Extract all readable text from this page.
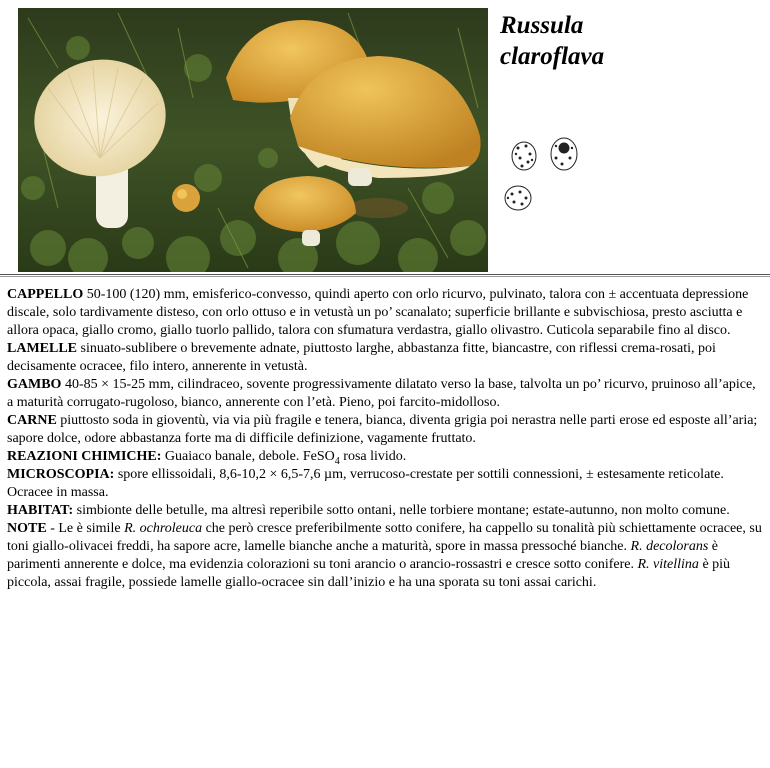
Russula
claroflava

CAPPELLO 50-100 (120) mm, emisferico-convesso, quindi aperto con orlo ricurvo, pulvinato, talora con ± accentuata depressione discale, solo tardivamente disteso, con orlo ottuso e in vetustà un po’ scanalato; superficie brillante e subvischiosa, presto asciutta e allora opaca, giallo cromo, giallo tuorlo pallido, talora con sfumatura verdastra, giallo olivastro. Cuticola separabile fino al disco.

LAMELLE sinuato-sublibere o brevemente adnate, piuttosto larghe, abbastanza fitte, biancastre, con riflessi crema-rosati, poi decisamente ocracee, filo intero, annerente in vetustà.

GAMBO 40-85 × 15-25 mm, cilindraceo, sovente progressivamente dilatato verso la base, talvolta un po’ ricurvo, pruinoso all’apice, a maturità corrugato-rugoloso, bianco, annerente con l’età. Pieno, poi farcito-midolloso.

CARNE piuttosto soda in gioventù, via via più fragile e tenera, bianca, diventa grigia poi nerastra nelle parti erose ed esposte all’aria; sapore dolce, odore abbastanza forte ma di difficile definizione, vagamente fruttato.

REAZIONI CHIMICHE: Guaiaco banale, debole. FeSO$_4$ rosa livido.

MICROSCOPIA: spore ellissoidali, 8,6-10,2 × 6,5-7,6 µm, verrucoso-crestate per sottili connessioni, ± estesamente reticolate. Ocracee in massa.

HABITAT: simbionte delle betulle, ma altresì reperibile sotto ontani, nelle torbiere montane; estate-autunno, non molto comune.

NOTE - Le è simile R. ochroleuca che però cresce preferibilmente sotto conifere, ha cappello su tonalità più schiettamente ocracee, su toni giallo-olivacei freddi, ha sapore acre, lamelle bianche anche a maturità, spore in massa pressoché bianche. R. decolorans è parimenti annerente e dolce, ma evidenzia colorazioni su toni arancio o arancio-rossastri e cresce sotto conifere. R. vitellina è più piccola, assai fragile, possiede lamelle giallo-ocracee sin dall’inizio e ha una sporata su toni assai carichi.
